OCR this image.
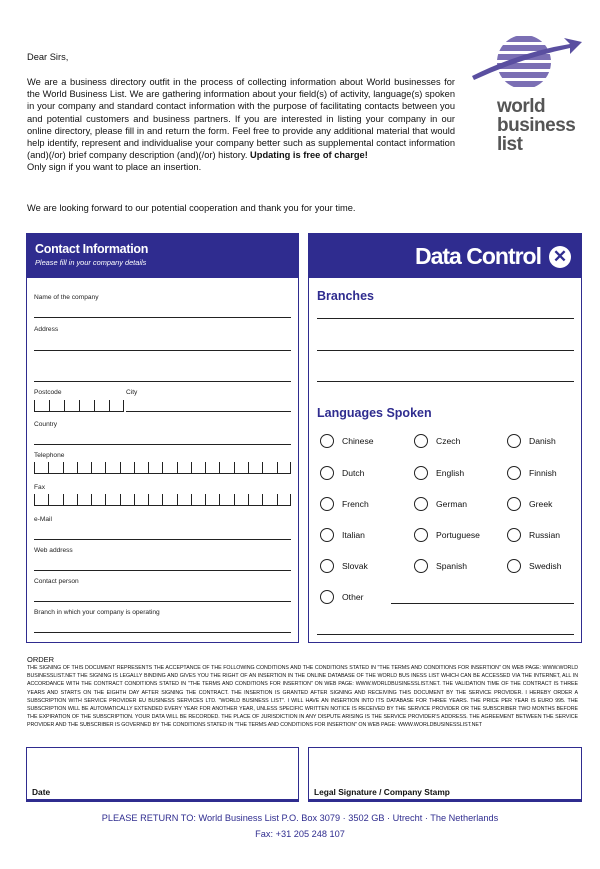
Dear Sirs,

We are a business directory outfit in the process of collecting information about World businesses for the World Business List. We are gathering information about your field(s) of activity, language(s) spoken in your company and standard contact information with the purpose of facilitating contacts between you and potential customers and business partners. If you are interested in listing your company in our online directory, please fill in and return the form. Feel free to provide any additional material that would help identify, represent and individualise your company better such as supplemental contact information (and)(/or) brief company description (and)(/or) history. Updating is free of charge!

Only sign if you want to place an insertion.

We are looking forward to our potential cooperation and thank you for your time.
world
business
list
Contact Information
Please fill in your company details
Name of the company
Address
Postcode	City
Country
Telephone
Fax
e-Mail
Web address
Contact person
Branch in which your company is operating
Data Control ✕
Branches
Languages Spoken
Chinese	Czech	Danish
Dutch	English	Finnish
French	German	Greek
Italian	Portuguese	Russian
Slovak	Spanish	Swedish
Other
ORDER
THE SIGNING OF THIS DOCUMENT REPRESENTS THE ACCEPTANCE OF THE FOLLOWING CONDITIONS AND THE CONDITIONS STATED IN "THE TERMS AND CONDITIONS FOR INSERTION" ON WEB PAGE: WWW.WORLD BUSINESSLIST.NET THE SIGNING IS LEGALLY BINDING AND GIVES YOU THE RIGHT OF AN INSERTION IN THE ONLINE DATABASE OF THE WORLD BUS INESS LIST WHICH CAN BE ACCESSED VIA THE INTERNET, ALL IN ACCORDANCE WITH THE CONTRACT CONDITIONS STATED IN "THE TERMS AND CONDITIONS FOR INSERTION" ON WEB PAGE: WWW.WORLDBUSINESSLIST.NET. THE VALIDATION TIME OF THE CONTRACT IS THREE YEARS AND STARTS ON THE EIGHTH DAY AFTER SIGNING THE CONTRACT. THE INSERTION IS GRANTED AFTER SIGNING AND RECEIVING THIS DOCUMENT BY THE SERVICE PROVIDER. I HEREBY ORDER A SUBSCRIPTION WITH SERVICE PROVIDER EU BUSINESS SERVICES LTD. "WORLD BUSINESS LIST". I WILL HAVE AN INSERTION INTO ITS DATABASE FOR THREE YEARS. THE PRICE PER YEAR IS EURO 995. THE SUBSCRIPTION WILL BE AUTOMATICALLY EXTENDED EVERY YEAR FOR ANOTHER YEAR, UNLESS SPECIFIC WRITTEN NOTICE IS RECEIVED BY THE SERVICE PROVIDER OR THE SUBSCRIBER TWO MONTHS BEFORE THE EXPIRATION OF THE SUBSCRIPTION. YOUR DATA WILL BE RECORDED. THE PLACE OF JURISDICTION IN ANY DISPUTE ARISING IS THE SERVICE PROVIDER'S ADDRESS. THE AGREEMENT BETWEEN THE SERVICE PROVIDER AND THE SUBSCRIBER IS GOVERNED BY THE CONDITIONS STATED IN "THE TERMS AND CONDITIONS FOR INSERTION" ON WEB PAGE: WWW.WORLDBUSINESSLIST.NET
Date	Legal Signature / Company Stamp
PLEASE RETURN TO: World Business List P.O. Box 3079 · 3502 GB · Utrecht · The Netherlands
Fax: +31 205 248 107
